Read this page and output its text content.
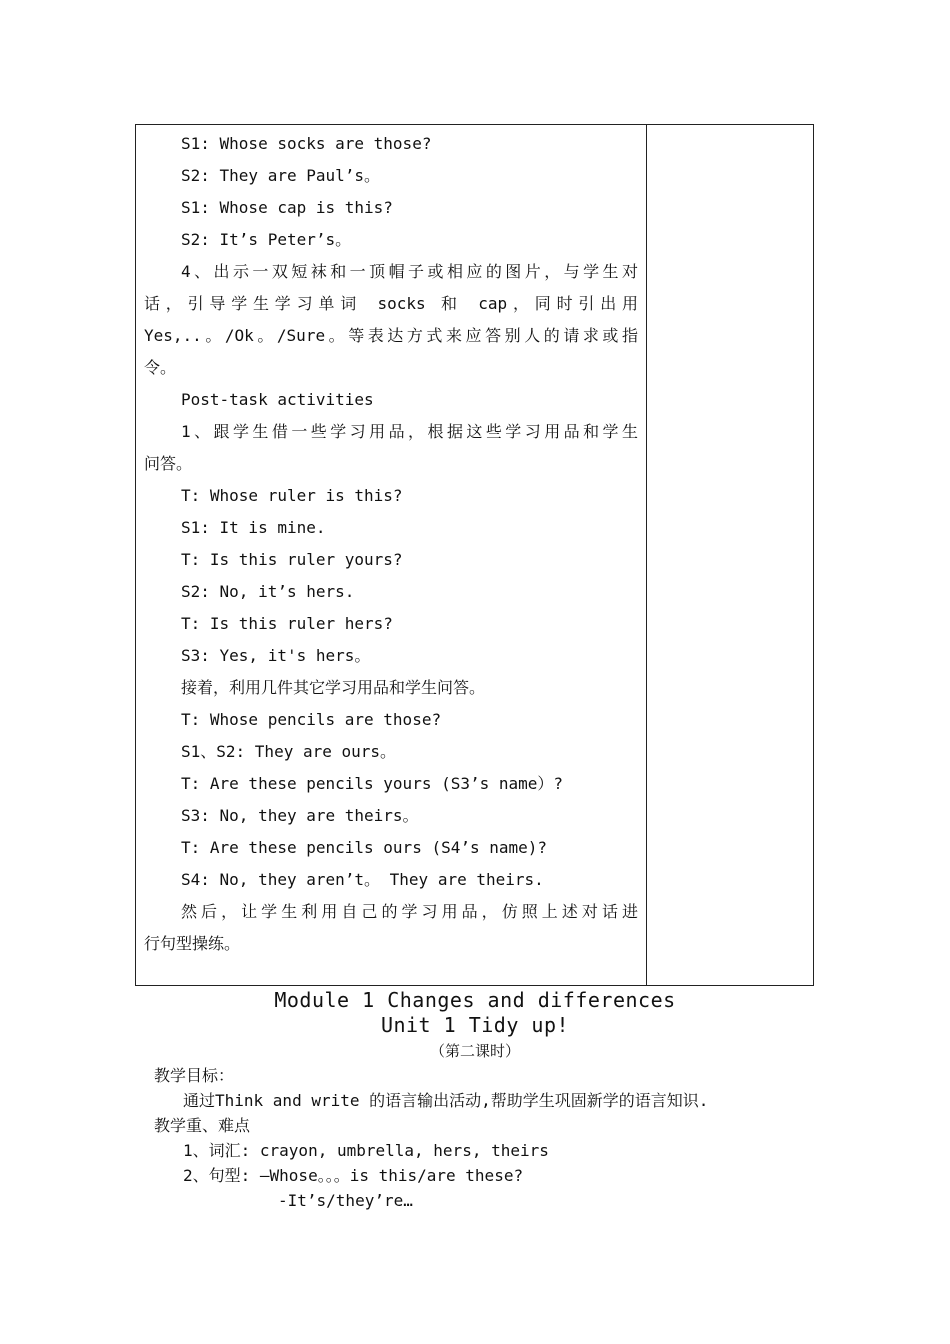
S1: Whose socks are those?
S2: They are Paul’s。
S1: Whose cap is this?
S2: It’s Peter’s。
4、出示一双短袜和一顶帽子或相应的图片，与学生对
话，引导学生学习单词 socks 和 cap，同时引出用
Yes,..。/Ok。/Sure。等表达方式来应答别人的请求或指
令。
Post-task activities
1、跟学生借一些学习用品，根据这些学习用品和学生
问答。
T: Whose ruler is this?
S1: It is mine.
T: Is this ruler yours?
S2: No, it’s hers.
T: Is this ruler hers?
S3: Yes, it's hers。
接着，利用几件其它学习用品和学生问答。
T: Whose pencils are those?
S1、S2: They are ours。
T: Are these pencils yours (S3’s name）?
S3: No, they are theirs。
T: Are these pencils ours (S4’s name)?
S4: No, they aren’t。 They are theirs.
然后，让学生利用自己的学习用品，仿照上述对话进
行句型操练。
Module 1 Changes and differences
Unit 1 Tidy up!
（第二课时）
教学目标：
通过Think and write 的语言输出活动,帮助学生巩固新学的语言知识.
教学重、难点
1、词汇: crayon, umbrella, hers, theirs
2、句型: —Whose。。。is this/are these?
-It’s/they’re…
